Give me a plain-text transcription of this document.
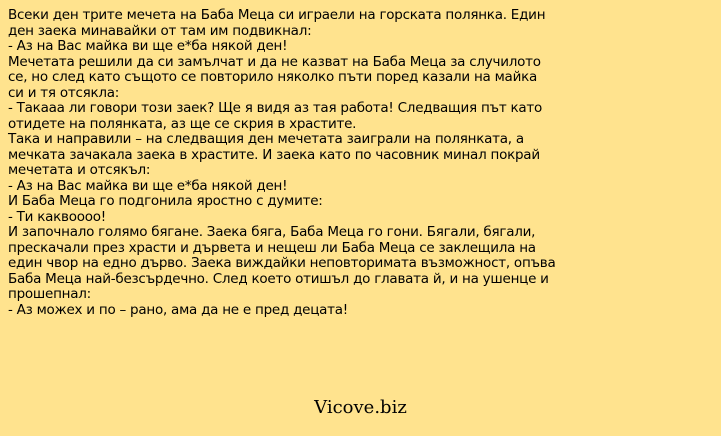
Всеки ден трите мечета на Баба Меца си играели на горската полянка. Един
ден заека минавайки от там им подвикнал:
- Аз на Вас майка ви ще е*ба някой ден!
Мечетата решили да си замълчат и да не казват на Баба Меца за случилото
се, но след като същото се повторило няколко пъти поред казали на майка
си и тя отсякла:
- Такааа ли говори този заек? Ще я видя аз тая работа! Следващия път като
отидете на полянката, аз ще се скрия в храстите.
Така и направили – на следващия ден мечетата заиграли на полянката, а
мечката зачакала заека в храстите. И заека като по часовник минал покрай
мечетата и отсякъл:
- Аз на Вас майка ви ще е*ба някой ден!
И Баба Меца го подгонила яростно с думите:
- Ти каквоооо!
И започнало голямо бягане. Заека бяга, Баба Меца го гони. Бягали, бягали,
прескачали през храсти и дървета и нещеш ли Баба Меца се заклещила на
един чвор на едно дърво. Заека виждайки неповторимата възможност, опъва
Баба Меца най-безсърдечно. След което отишъл до главата й, и на ушенце и
прошепнал:
- Аз можех и по – рано, ама да не е пред децата!
Vicove.biz
